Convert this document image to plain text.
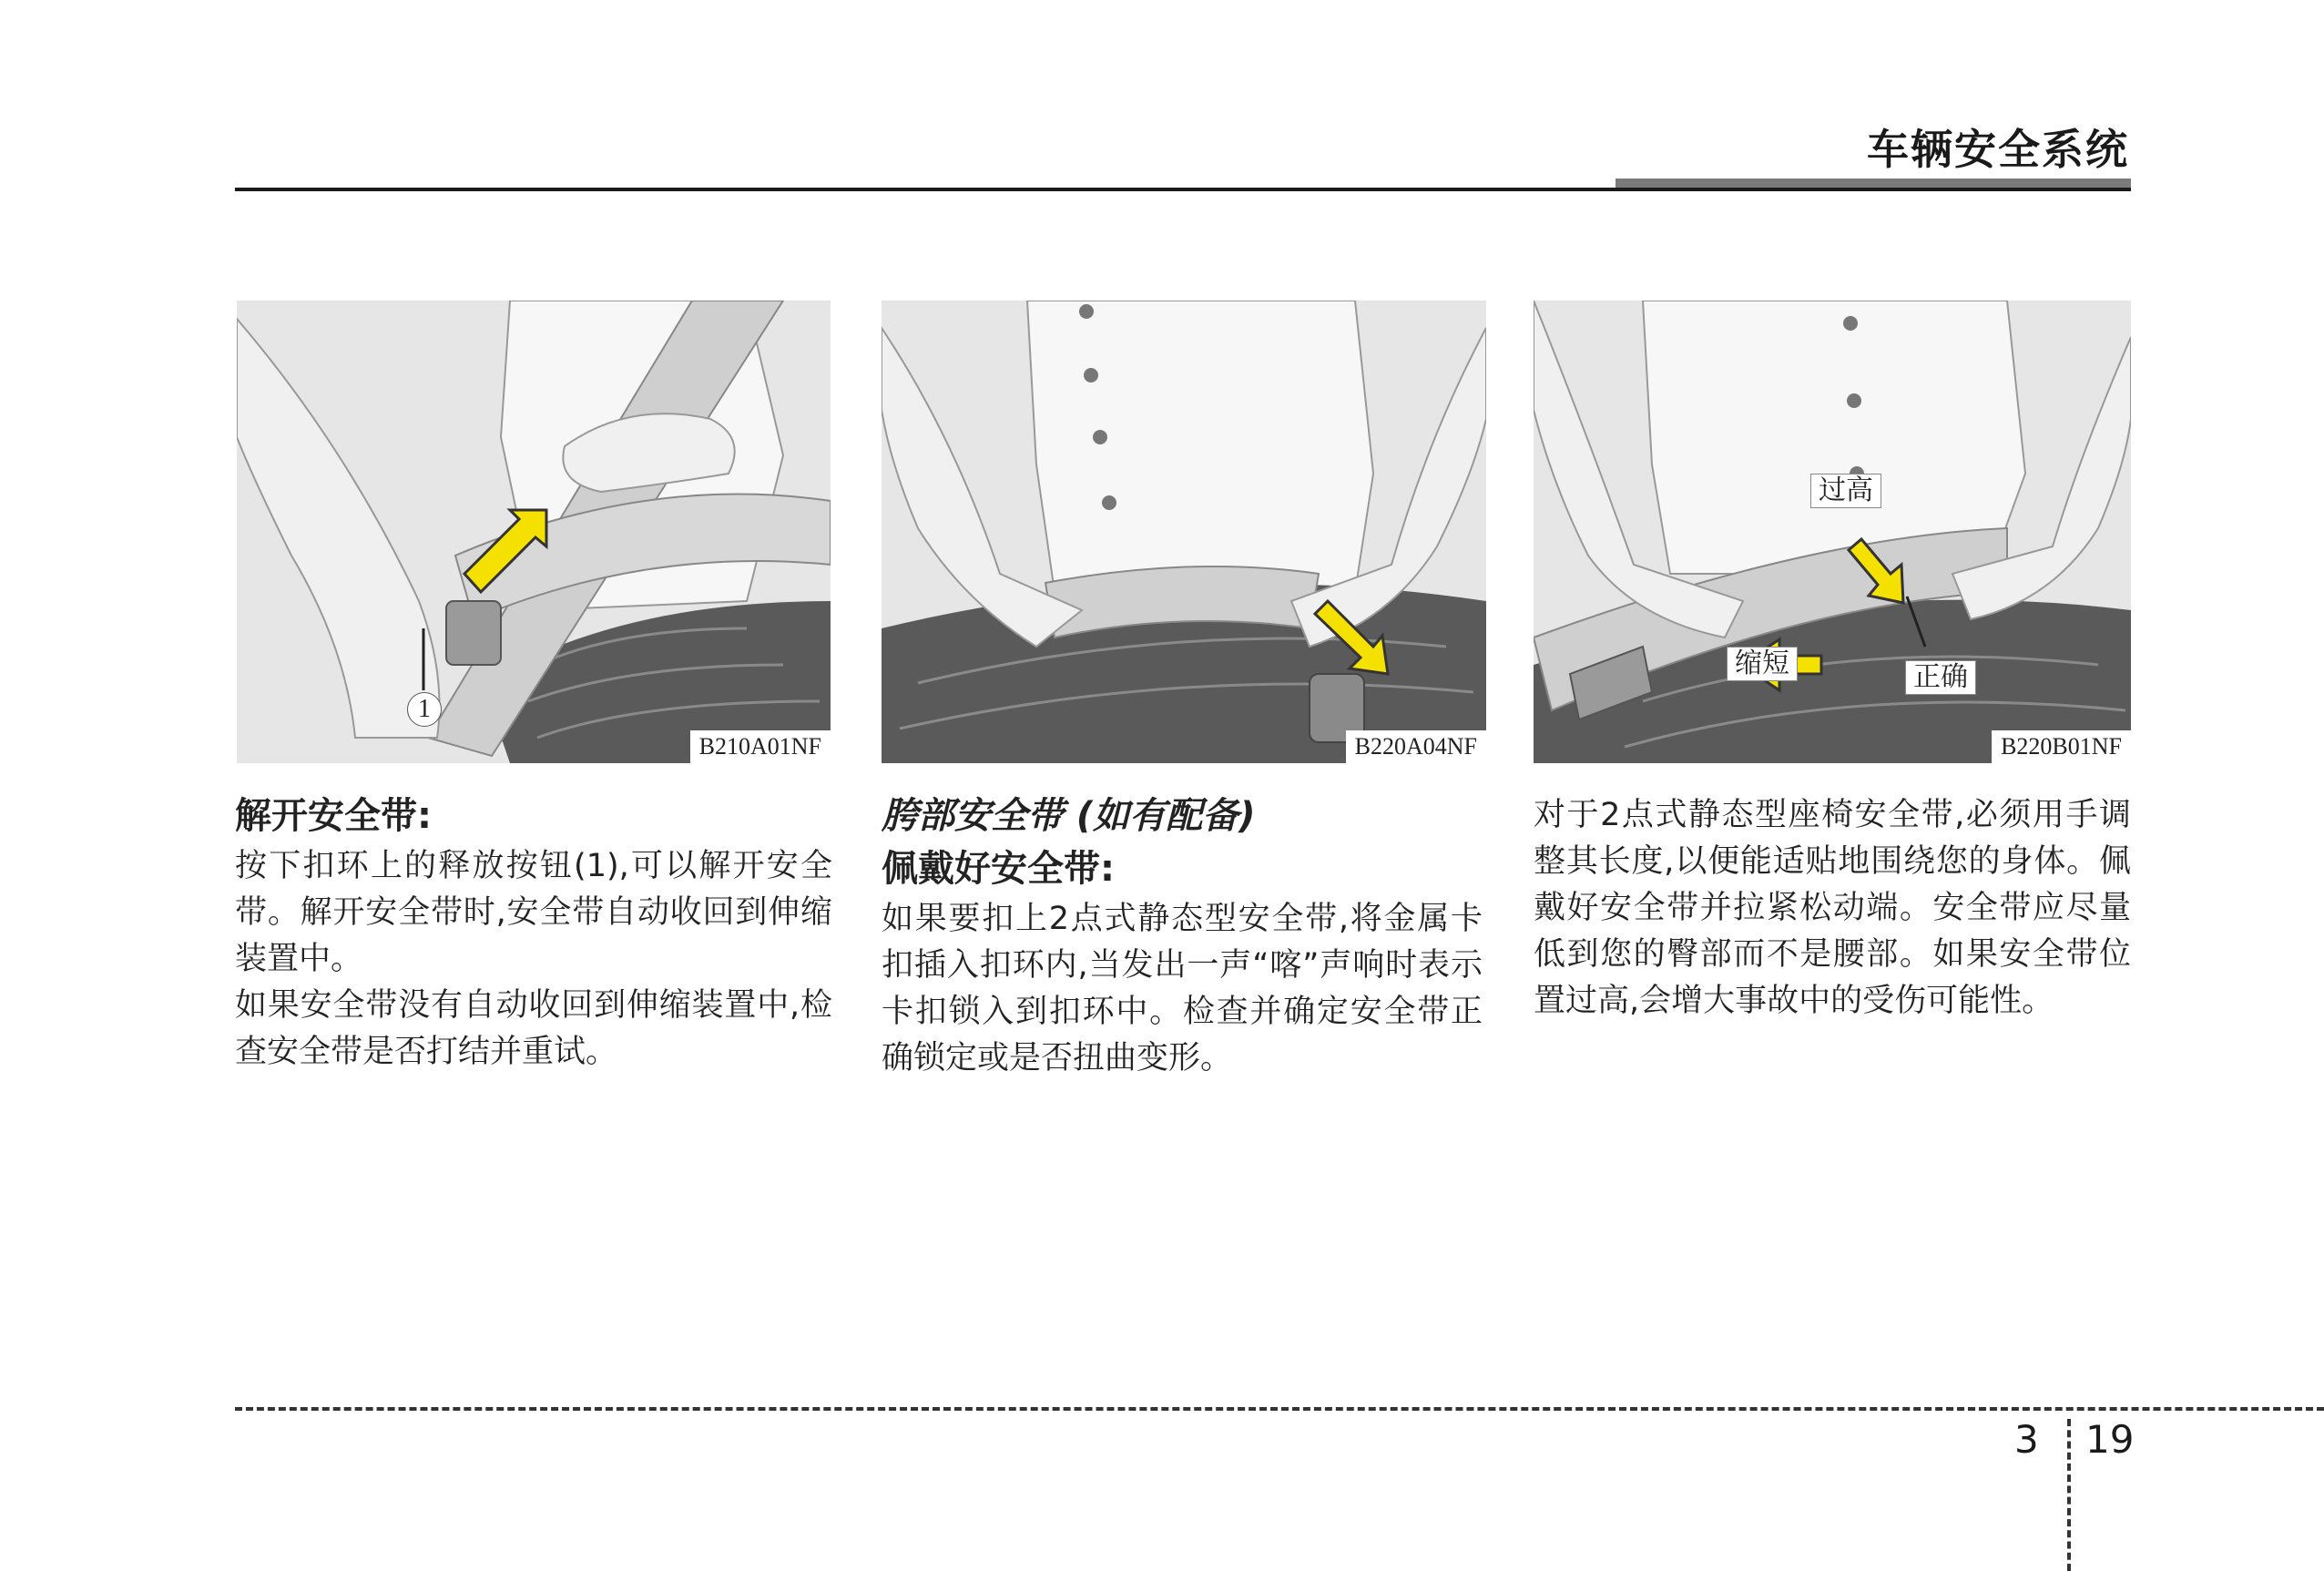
车辆安全系统
1
B210A01NF	B220A04NF
过高
缩短	正确
B220B01NF
解开安全带:

按下扣环上的释放按钮(1),可以解开安全带。解开安全带时,安全带自动收回到伸缩装置中。

如果安全带没有自动收回到伸缩装置中,检查安全带是否打结并重试。

胯部安全带 (如有配备)
佩戴好安全带:

如果要扣上2点式静态型安全带,将金属卡扣插入扣环内,当发出一声“喀”声响时表示卡扣锁入到扣环中。检查并确定安全带正确锁定或是否扭曲变形。

对于2点式静态型座椅安全带,必须用手调整其长度,以便能适贴地围绕您的身体。佩戴好安全带并拉紧松动端。安全带应尽量低到您的臀部而不是腰部。如果安全带位置过高,会增大事故中的受伤可能性。

3 19
